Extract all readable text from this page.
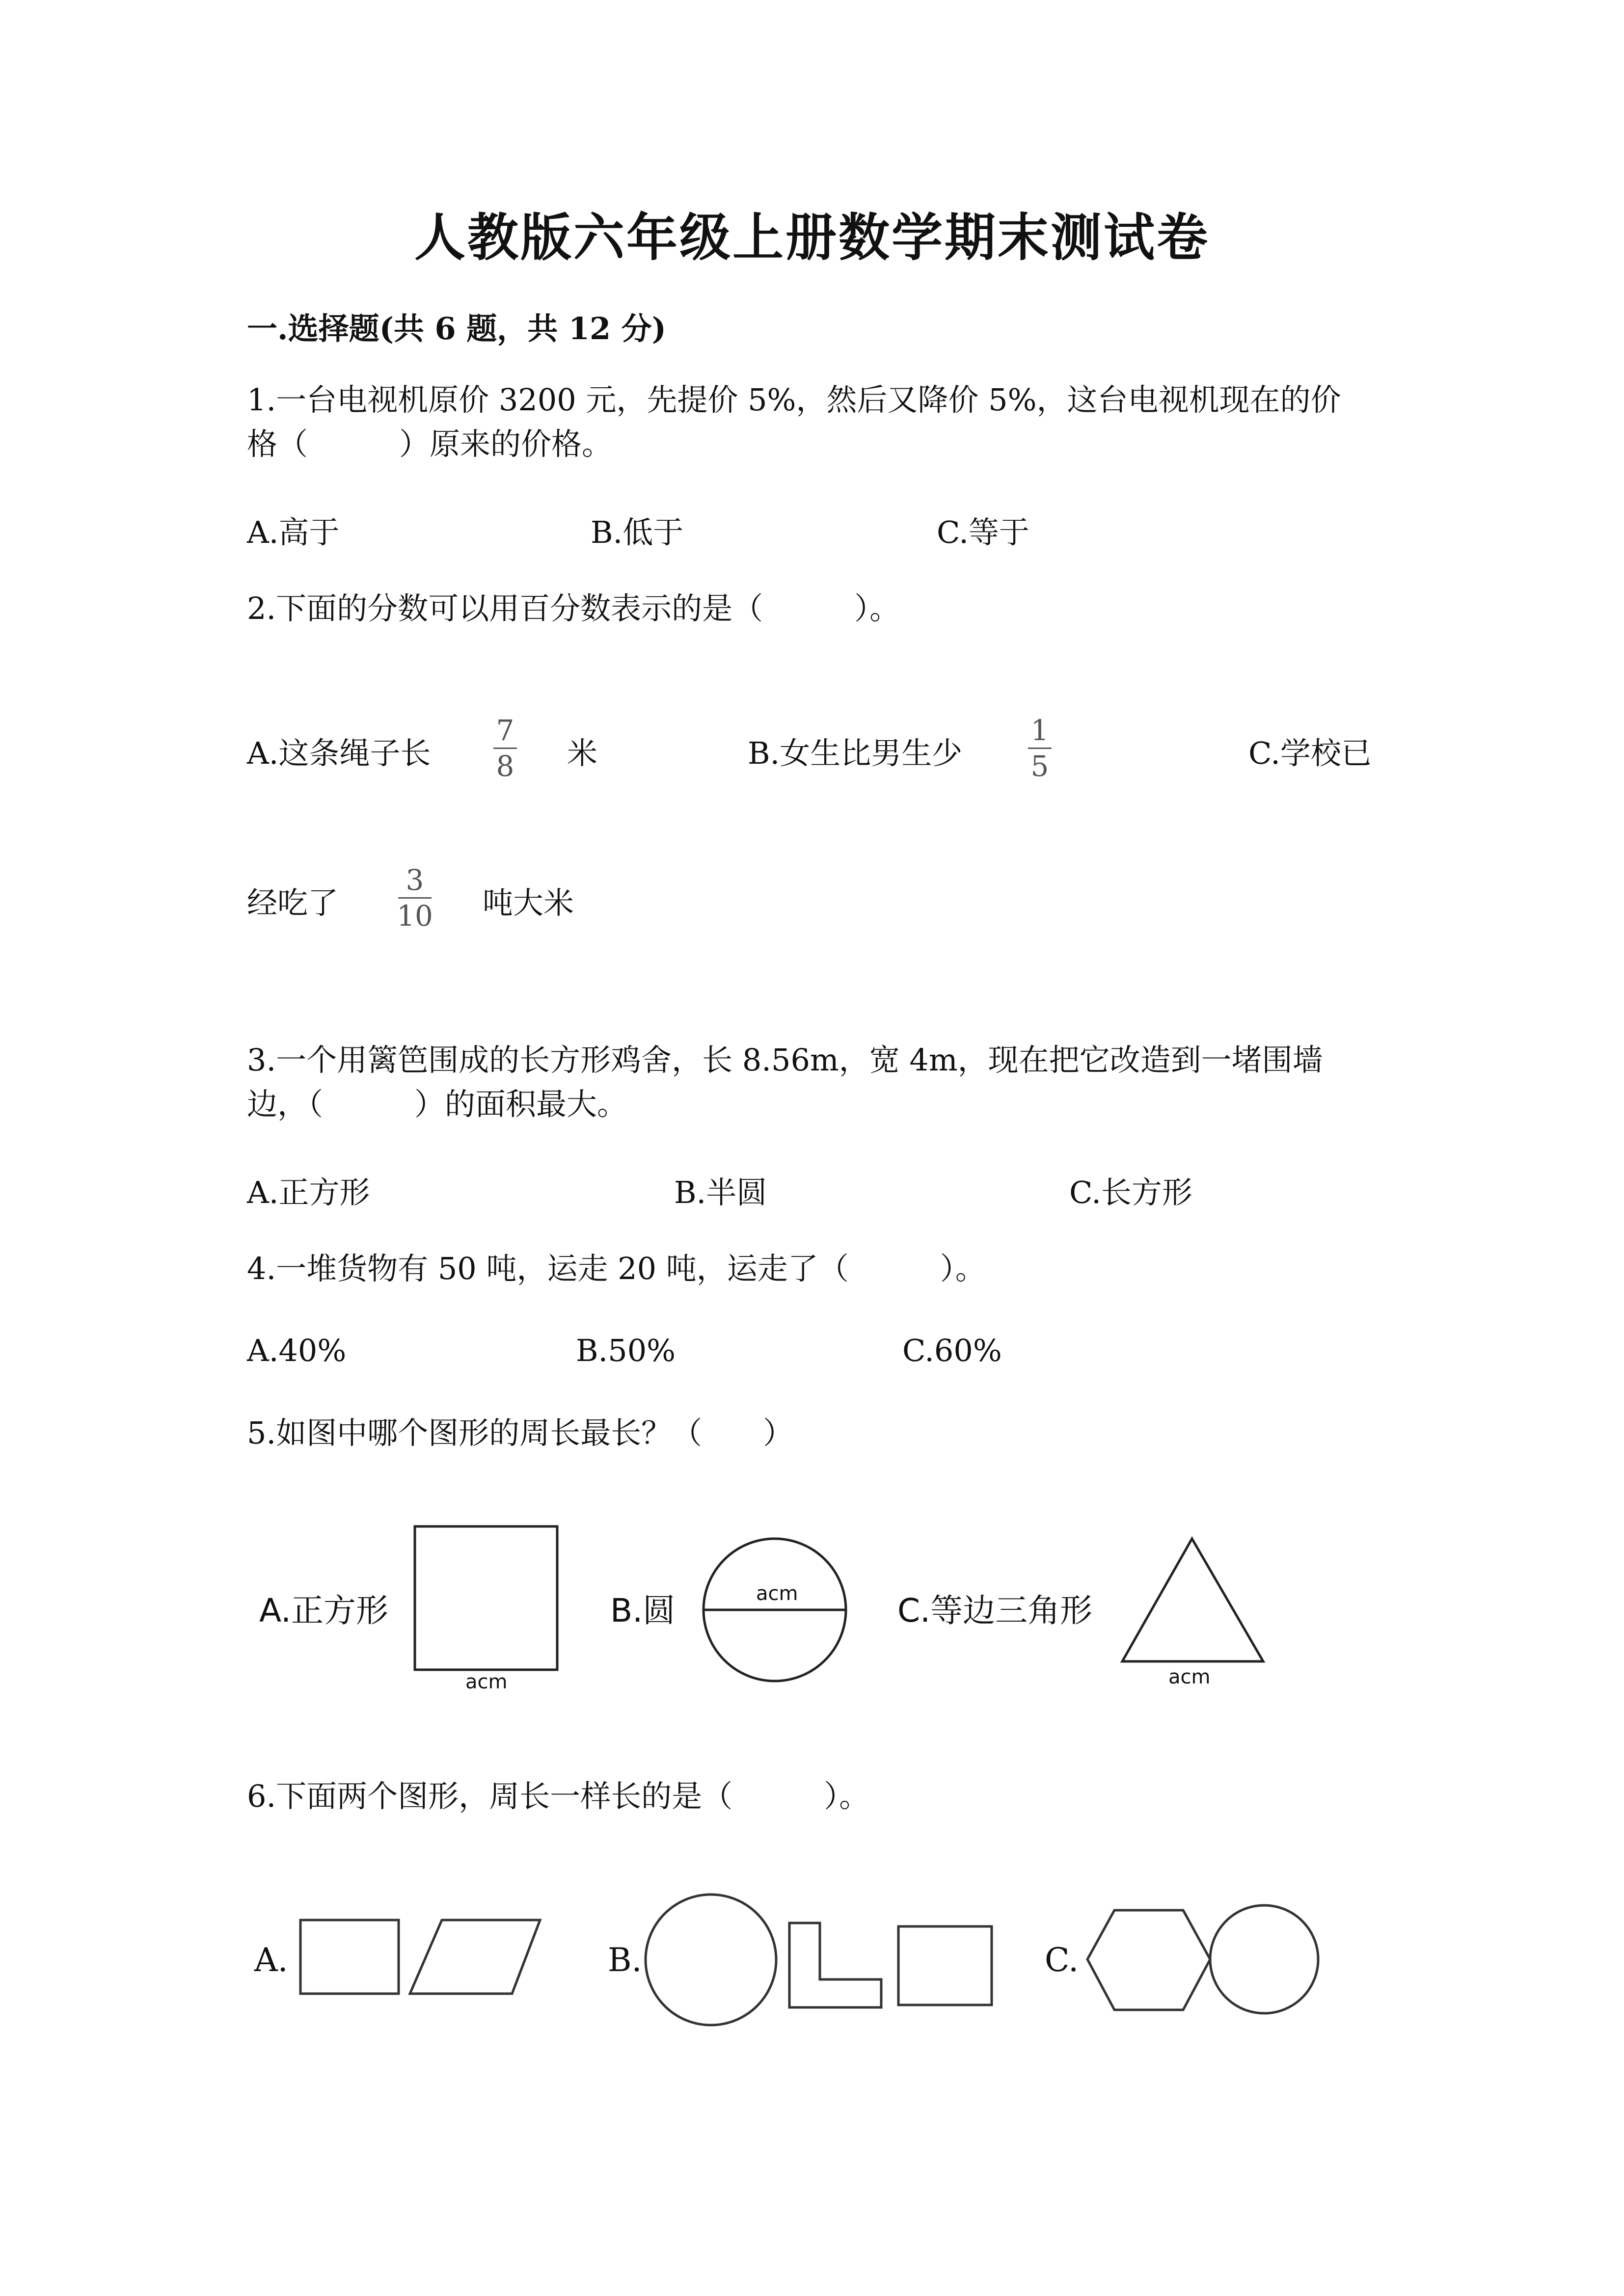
人教版六年级上册数学期末测试卷
一.选择题(共 6 题，共 12 分)
1.一台电视机原价 3200 元，先提价 5%，然后又降价 5%，这台电视机现在的价
格（　　　）原来的价格。
A.高于	B.低于	C.等于
2.下面的分数可以用百分数表示的是（　　　）。
A.这条绳子长
7
8 米	B.女生比男生少
1
5	C.学校已
经吃了
3
10 吨大米
3.一个用篱笆围成的长方形鸡舍，长 8.56m，宽 4m，现在把它改造到一堵围墙
边，（　　　）的面积最大。
A.正方形	B.半圆	C.长方形
4.一堆货物有 50 吨，运走 20 吨，运走了（　　　）。
A.40%	B.50%	C.60%
5.如图中哪个图形的周长最长？（　　）
A.正方形
acm
B.圆	acm	C.等边三角形
acm
6.下面两个图形，周长一样长的是（　　　）。
A.	B.	C.
